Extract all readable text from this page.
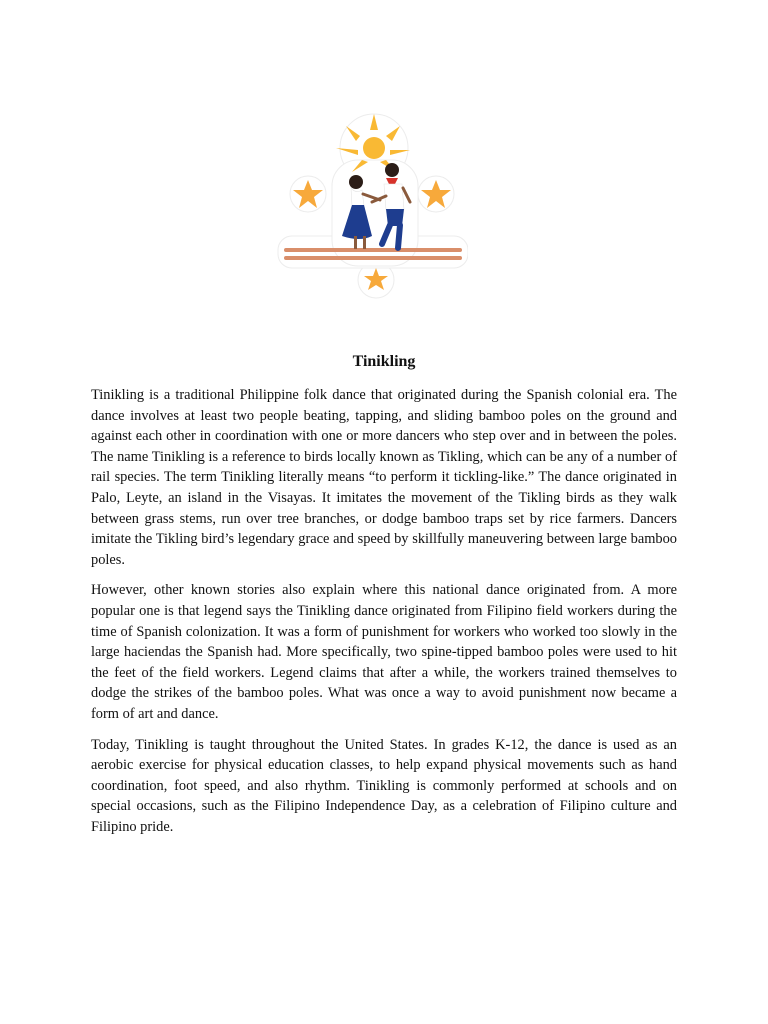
Tinikling

Tinikling is a traditional Philippine folk dance that originated during the Spanish colonial era. The dance involves at least two people beating, tapping, and sliding bamboo poles on the ground and against each other in coordination with one or more dancers who step over and in between the poles. The name Tinikling is a reference to birds locally known as Tikling, which can be any of a number of rail species. The term Tinikling literally means “to perform it tickling-like.” The dance originated in Palo, Leyte, an island in the Visayas. It imitates the movement of the Tikling birds as they walk between grass stems, run over tree branches, or dodge bamboo traps set by rice farmers. Dancers imitate the Tikling bird’s legendary grace and speed by skillfully maneuvering between large bamboo poles.

However, other known stories also explain where this national dance originated from. A more popular one is that legend says the Tinikling dance originated from Filipino field workers during the time of Spanish colonization. It was a form of punishment for workers who worked too slowly in the large haciendas the Spanish had. More specifically, two spine-tipped bamboo poles were used to hit the feet of the field workers. Legend claims that after a while, the workers trained themselves to dodge the strikes of the bamboo poles. What was once a way to avoid punishment now became a form of art and dance.

Today, Tinikling is taught throughout the United States. In grades K-12, the dance is used as an aerobic exercise for physical education classes, to help expand physical movements such as hand coordination, foot speed, and also rhythm. Tinikling is commonly performed at schools and on special occasions, such as the Filipino Independence Day, as a celebration of Filipino culture and Filipino pride.
